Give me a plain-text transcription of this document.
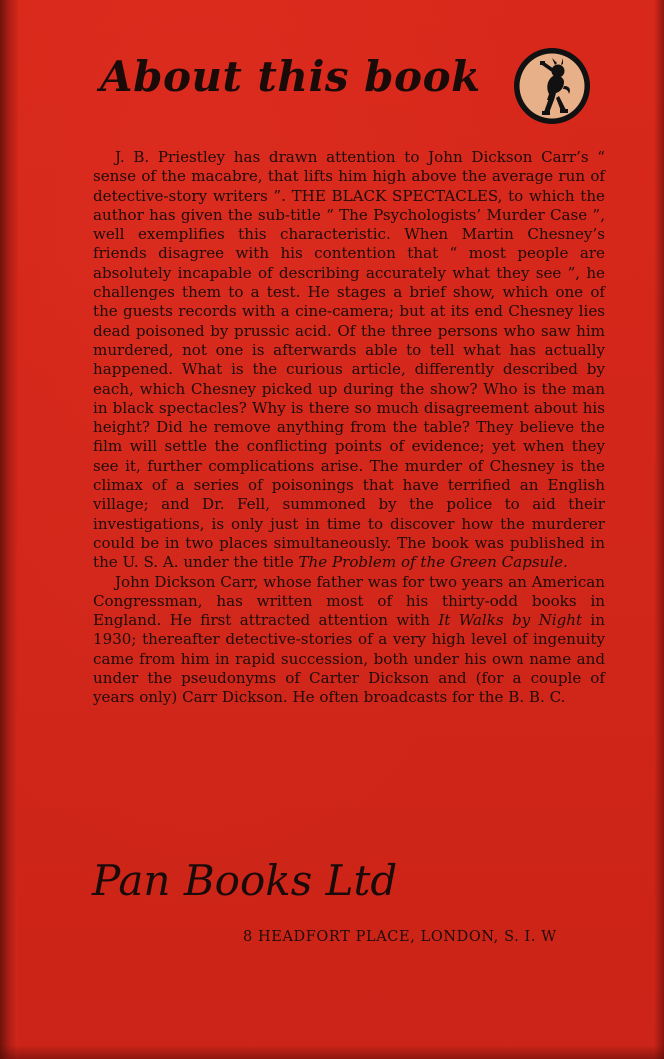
About this book

J. B. Priestley has drawn attention to John Dickson Carr’s “ sense of the macabre, that lifts him high above the average run of detective-story writers ”. THE BLACK SPECTACLES, to which the author has given the sub-title “ The Psychologists’ Murder Case ”, well exemplifies this characteristic. When Martin Chesney’s friends disagree with his contention that “ most people are absolutely incapable of describing accurately what they see ”, he challenges them to a test. He stages a brief show, which one of the guests records with a cine-camera; but at its end Chesney lies dead poisoned by prussic acid. Of the three persons who saw him murdered, not one is afterwards able to tell what has actually happened. What is the curious article, differently described by each, which Chesney picked up during the show? Who is the man in black spectacles? Why is there so much disagreement about his height? Did he remove anything from the table? They believe the film will settle the conflicting points of evidence; yet when they see it, further complications arise. The murder of Chesney is the climax of a series of poisonings that have terrified an English village; and Dr. Fell, summoned by the police to aid their investigations, is only just in time to discover how the murderer could be in two places simultaneously. The book was published in the U. S. A. under the title The Problem of the Green Capsule.

John Dickson Carr, whose father was for two years an American Congressman, has written most of his thirty-odd books in England. He first attracted attention with It Walks by Night in 1930; thereafter detective-stories of a very high level of ingenuity came from him in rapid succession, both under his own name and under the pseudonyms of Carter Dickson and (for a couple of years only) Carr Dickson. He often broadcasts for the B. B. C.

Pan Books Ltd
8 HEADFORT PLACE, LONDON, S. I. W
